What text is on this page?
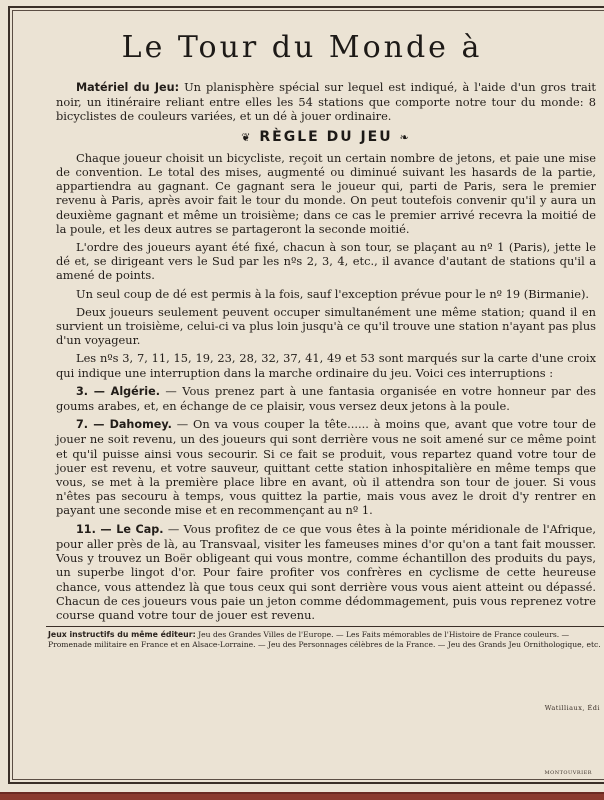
Le Tour du Monde à

Matériel du Jeu: Un planisphère spécial sur lequel est indiqué, à l'aide d'un gros trait noir, un itinéraire reliant entre elles les 54 stations que comporte notre tour du monde: 8 bicyclistes de couleurs variées, et un dé à jouer ordinaire.

❦ RÈGLE DU JEU ❧

Chaque joueur choisit un bicycliste, reçoit un certain nombre de jetons, et paie une mise de convention. Le total des mises, augmenté ou diminué suivant les hasards de la partie, appartiendra au gagnant. Ce gagnant sera le joueur qui, parti de Paris, sera le premier revenu à Paris, après avoir fait le tour du monde. On peut toutefois convenir qu'il y aura un deuxième gagnant et même un troisième; dans ce cas le premier arrivé recevra la moitié de la poule, et les deux autres se partageront la seconde moitié.

L'ordre des joueurs ayant été fixé, chacun à son tour, se plaçant au nº 1 (Paris), jette le dé et, se dirigeant vers le Sud par les nºs 2, 3, 4, etc., il avance d'autant de stations qu'il a amené de points.

Un seul coup de dé est permis à la fois, sauf l'exception prévue pour le nº 19 (Birmanie).

Deux joueurs seulement peuvent occuper simultanément une même station; quand il en survient un troisième, celui-ci va plus loin jusqu'à ce qu'il trouve une station n'ayant pas plus d'un voyageur.

Les nºs 3, 7, 11, 15, 19, 23, 28, 32, 37, 41, 49 et 53 sont marqués sur la carte d'une croix qui indique une interruption dans la marche ordinaire du jeu. Voici ces interruptions :

3. — Algérie. — Vous prenez part à une fantasia organisée en votre honneur par des goums arabes, et, en échange de ce plaisir, vous versez deux jetons à la poule.

7. — Dahomey. — On va vous couper la tête...... à moins que, avant que votre tour de jouer ne soit revenu, un des joueurs qui sont derrière vous ne soit amené sur ce même point et qu'il puisse ainsi vous secourir. Si ce fait se produit, vous repartez quand votre tour de jouer est revenu, et votre sauveur, quittant cette station inhospitalière en même temps que vous, se met à la première place libre en avant, où il attendra son tour de jouer. Si vous n'êtes pas secouru à temps, vous quittez la partie, mais vous avez le droit d'y rentrer en payant une seconde mise et en recommençant au nº 1.

11. — Le Cap. — Vous profitez de ce que vous êtes à la pointe méridionale de l'Afrique, pour aller près de là, au Transvaal, visiter les fameuses mines d'or qu'on a tant fait mousser. Vous y trouvez un Boër obligeant qui vous montre, comme échantillon des produits du pays, un superbe lingot d'or. Pour faire profiter vos confrères en cyclisme de cette heureuse chance, vous attendez là que tous ceux qui sont derrière vous vous aient atteint ou dépassé. Chacun de ces joueurs vous paie un jeton comme dédommagement, puis vous reprenez votre course quand votre tour de jouer est revenu.

Jeux instructifs du même éditeur: Jeu des Grandes Villes de l'Europe. — Les Faits mémorables de l'Histoire de France couleurs. — Promenade militaire en France et en Alsace-Lorraine. — Jeu des Personnages célèbres de la France. — Jeu des Grands Jeu Ornithologique, etc.
Watilliaux, Édi
MONTOUVRIER
